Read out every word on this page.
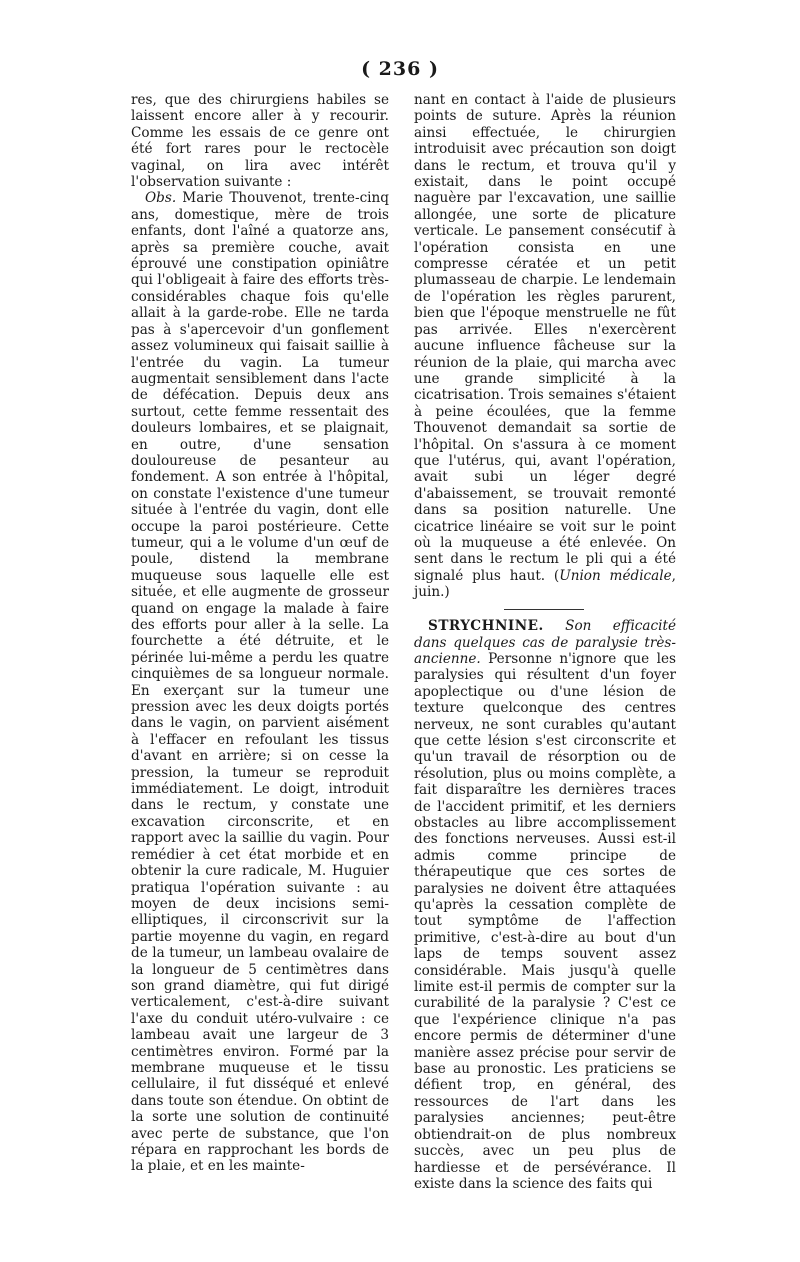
( 236 )

res, que des chirurgiens habiles se laissent encore aller à y recourir. Comme les essais de ce genre ont été fort rares pour le rectocèle vaginal, on lira avec intérêt l'observation suivante :

Obs. Marie Thouvenot, trente-cinq ans, domestique, mère de trois enfants, dont l'aîné a quatorze ans, après sa première couche, avait éprouvé une constipation opiniâtre qui l'obligeait à faire des efforts très-considérables chaque fois qu'elle allait à la garde-robe. Elle ne tarda pas à s'apercevoir d'un gonflement assez volumineux qui faisait saillie à l'entrée du vagin. La tumeur augmentait sensiblement dans l'acte de défécation. Depuis deux ans surtout, cette femme ressentait des douleurs lombaires, et se plaignait, en outre, d'une sensation douloureuse de pesanteur au fondement. A son entrée à l'hôpital, on constate l'existence d'une tumeur située à l'entrée du vagin, dont elle occupe la paroi postérieure. Cette tumeur, qui a le volume d'un œuf de poule, distend la membrane muqueuse sous laquelle elle est située, et elle augmente de grosseur quand on engage la malade à faire des efforts pour aller à la selle. La fourchette a été détruite, et le périnée lui-même a perdu les quatre cinquièmes de sa longueur normale. En exerçant sur la tumeur une pression avec les deux doigts portés dans le vagin, on parvient aisément à l'effacer en refoulant les tissus d'avant en arrière; si on cesse la pression, la tumeur se reproduit immédiatement. Le doigt, introduit dans le rectum, y constate une excavation circonscrite, et en rapport avec la saillie du vagin. Pour remédier à cet état morbide et en obtenir la cure radicale, M. Huguier pratiqua l'opération suivante : au moyen de deux incisions semi-elliptiques, il circonscrivit sur la partie moyenne du vagin, en regard de la tumeur, un lambeau ovalaire de la longueur de 5 centimètres dans son grand diamètre, qui fut dirigé verticalement, c'est-à-dire suivant l'axe du conduit utéro-vulvaire : ce lambeau avait une largeur de 3 centimètres environ. Formé par la membrane muqueuse et le tissu cellulaire, il fut disséqué et enlevé dans toute son étendue. On obtint de la sorte une solution de continuité avec perte de substance, que l'on répara en rapprochant les bords de la plaie, et en les mainte-

nant en contact à l'aide de plusieurs points de suture. Après la réunion ainsi effectuée, le chirurgien introduisit avec précaution son doigt dans le rectum, et trouva qu'il y existait, dans le point occupé naguère par l'excavation, une saillie allongée, une sorte de plicature verticale. Le pansement consécutif à l'opération consista en une compresse cératée et un petit plumasseau de charpie. Le lendemain de l'opération les règles parurent, bien que l'époque menstruelle ne fût pas arrivée. Elles n'exercèrent aucune influence fâcheuse sur la réunion de la plaie, qui marcha avec une grande simplicité à la cicatrisation. Trois semaines s'étaient à peine écoulées, que la femme Thouvenot demandait sa sortie de l'hôpital. On s'assura à ce moment que l'utérus, qui, avant l'opération, avait subi un léger degré d'abaissement, se trouvait remonté dans sa position naturelle. Une cicatrice linéaire se voit sur le point où la muqueuse a été enlevée. On sent dans le rectum le pli qui a été signalé plus haut. (Union médicale, juin.)

STRYCHNINE. Son efficacité dans quelques cas de paralysie très-ancienne. Personne n'ignore que les paralysies qui résultent d'un foyer apoplectique ou d'une lésion de texture quelconque des centres nerveux, ne sont curables qu'autant que cette lésion s'est circonscrite et qu'un travail de résorption ou de résolution, plus ou moins complète, a fait disparaître les dernières traces de l'accident primitif, et les derniers obstacles au libre accomplissement des fonctions nerveuses. Aussi est-il admis comme principe de thérapeutique que ces sortes de paralysies ne doivent être attaquées qu'après la cessation complète de tout symptôme de l'affection primitive, c'est-à-dire au bout d'un laps de temps souvent assez considérable. Mais jusqu'à quelle limite est-il permis de compter sur la curabilité de la paralysie ? C'est ce que l'expérience clinique n'a pas encore permis de déterminer d'une manière assez précise pour servir de base au pronostic. Les praticiens se défient trop, en général, des ressources de l'art dans les paralysies anciennes; peut-être obtiendrait-on de plus nombreux succès, avec un peu plus de hardiesse et de persévérance. Il existe dans la science des faits qui
